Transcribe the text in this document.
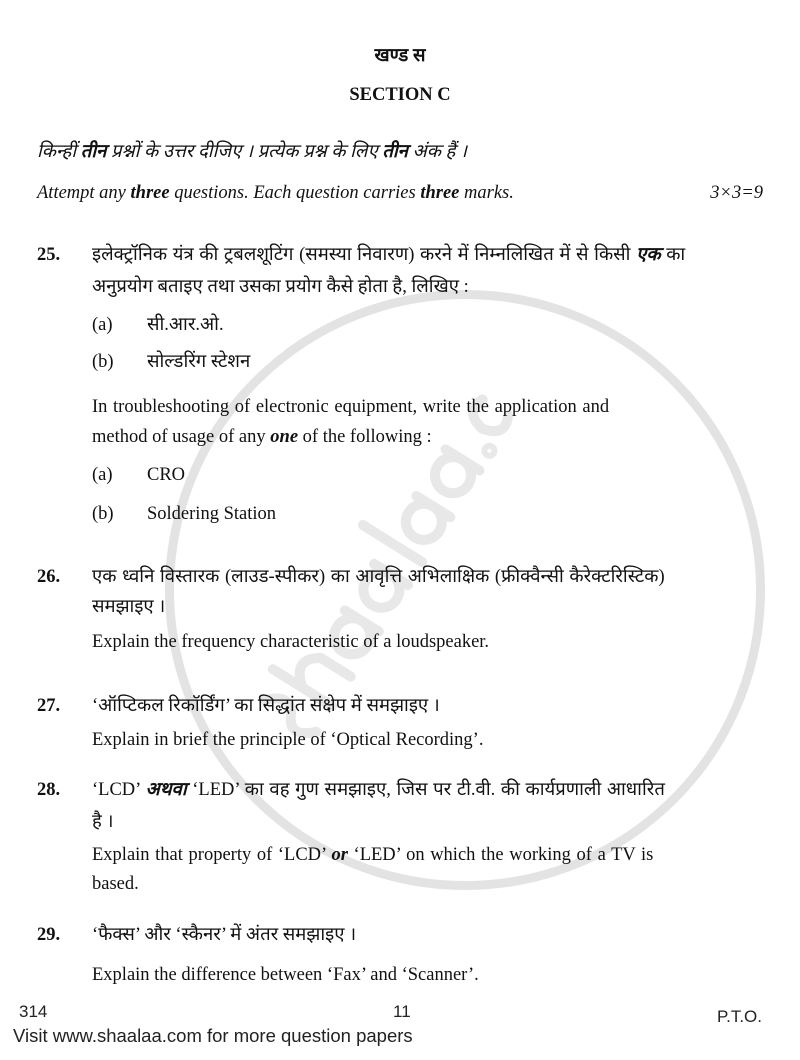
खण्ड स
SECTION C
किन्हीं तीन प्रश्नों के उत्तर दीजिए । प्रत्येक प्रश्न के लिए तीन अंक हैं ।
Attempt any three questions. Each question carries three marks.	3×3=9
25. इलेक्ट्रॉनिक यंत्र की ट्रबलशूटिंग (समस्या निवारण) करने में निम्नलिखित में से किसी एक का
अनुप्रयोग बताइए तथा उसका प्रयोग कैसे होता है, लिखिए :
(a) सी.आर.ओ.
(b) सोल्डरिंग स्टेशन
In troubleshooting of electronic equipment, write the application and
method of usage of any one of the following :
(a) CRO
(b) Soldering Station
26. एक ध्वनि विस्तारक (लाउड-स्पीकर) का आवृत्ति अभिलाक्षिक (फ्रीक्वैन्सी कैरेक्टरिस्टिक)
समझाइए ।
Explain the frequency characteristic of a loudspeaker.
27. ‘ऑप्टिकल रिकॉर्डिंग’ का सिद्धांत संक्षेप में समझाइए ।
Explain in brief the principle of ‘Optical Recording’.
28. ‘LCD’ अथवा ‘LED’ का वह गुण समझाइए, जिस पर टी.वी. की कार्यप्रणाली आधारित
है ।
Explain that property of ‘LCD’ or ‘LED’ on which the working of a TV is
based.
29. ‘फैक्स’ और ‘स्कैनर’ में अंतर समझाइए ।
Explain the difference between ‘Fax’ and ‘Scanner’.
314	11	P.T.O.
Visit www.shaalaa.com for more question papers
